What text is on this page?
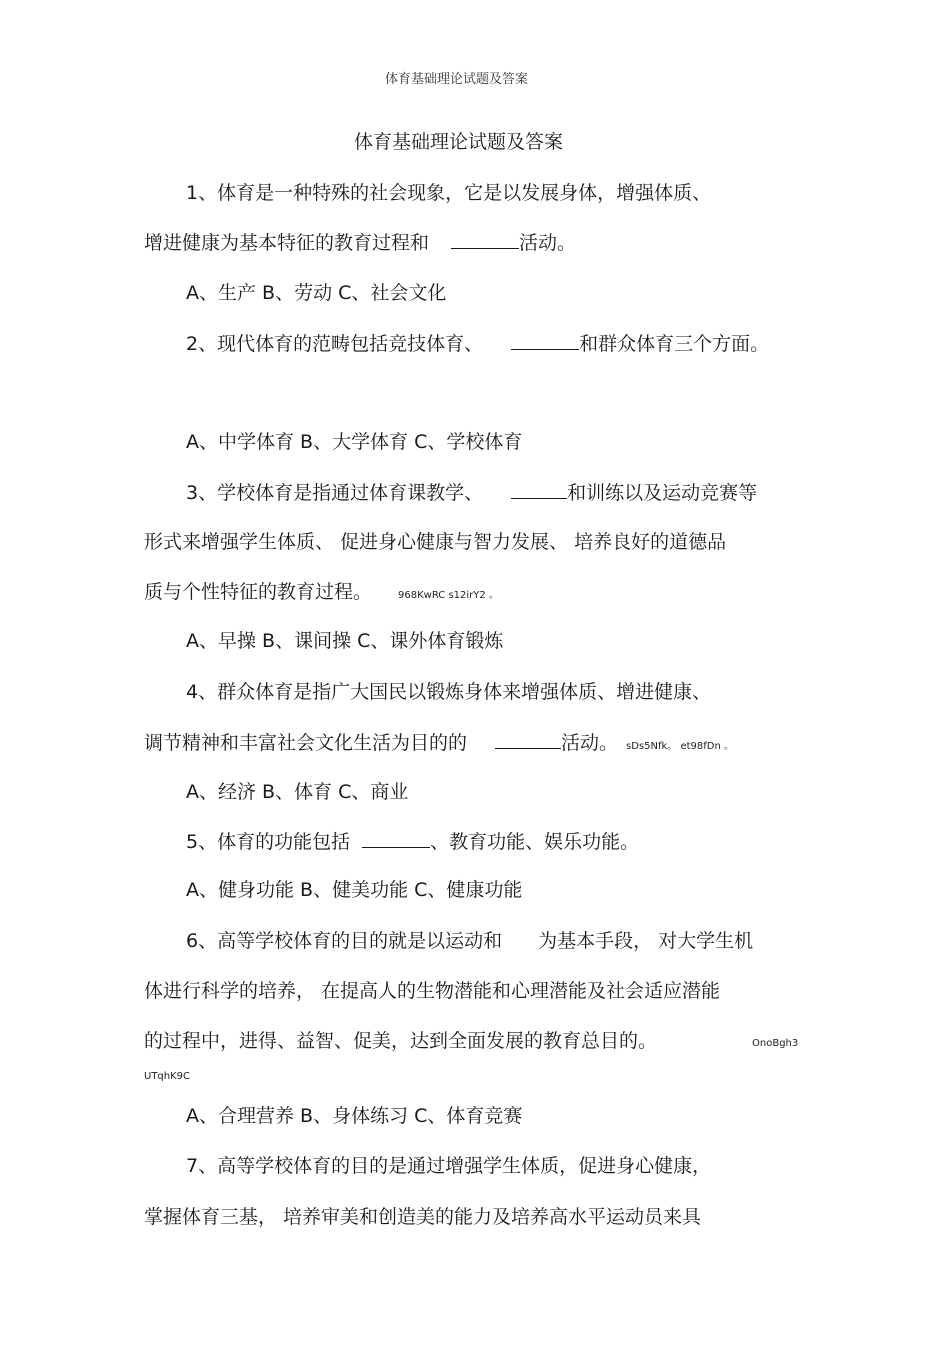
体育基础理论试题及答案
体育基础理论试题及答案
1、体育是一种特殊的社会现象，它是以发展身体，增强体质、
增进健康为基本特征的教育过程和	活动。
A、生产 B、劳动 C、社会文化
2、现代体育的范畴包括竞技体育、	和群众体育三个方面。
A、中学体育 B、大学体育 C、学校体育
3、学校体育是指通过体育课教学、	和训练以及运动竞赛等
形式来增强学生体质、 促进身心健康与智力发展、 培养良好的道德品
质与个性特征的教育过程。	968KwRC s12irY2 。
A、早操 B、课间操 C、课外体育锻炼
4、群众体育是指广大国民以锻炼身体来增强体质、增进健康、
调节精神和丰富社会文化生活为目的的	活动。 sDs5Nfk。 et98fDn 。
A、经济 B、体育 C、商业
5、体育的功能包括	、教育功能、娱乐功能。
A、健身功能 B、健美功能 C、健康功能
6、高等学校体育的目的就是以运动和 为基本手段， 对大学生机
体进行科学的培养， 在提高人的生物潜能和心理潜能及社会适应潜能
的过程中，进得、益智、促美，达到全面发展的教育总目的。	OnoBgh3
UTqhK9C
A、合理营养 B、身体练习 C、体育竞赛
7、高等学校体育的目的是通过增强学生体质，促进身心健康，
掌握体育三基， 培养审美和创造美的能力及培养高水平运动员来具
